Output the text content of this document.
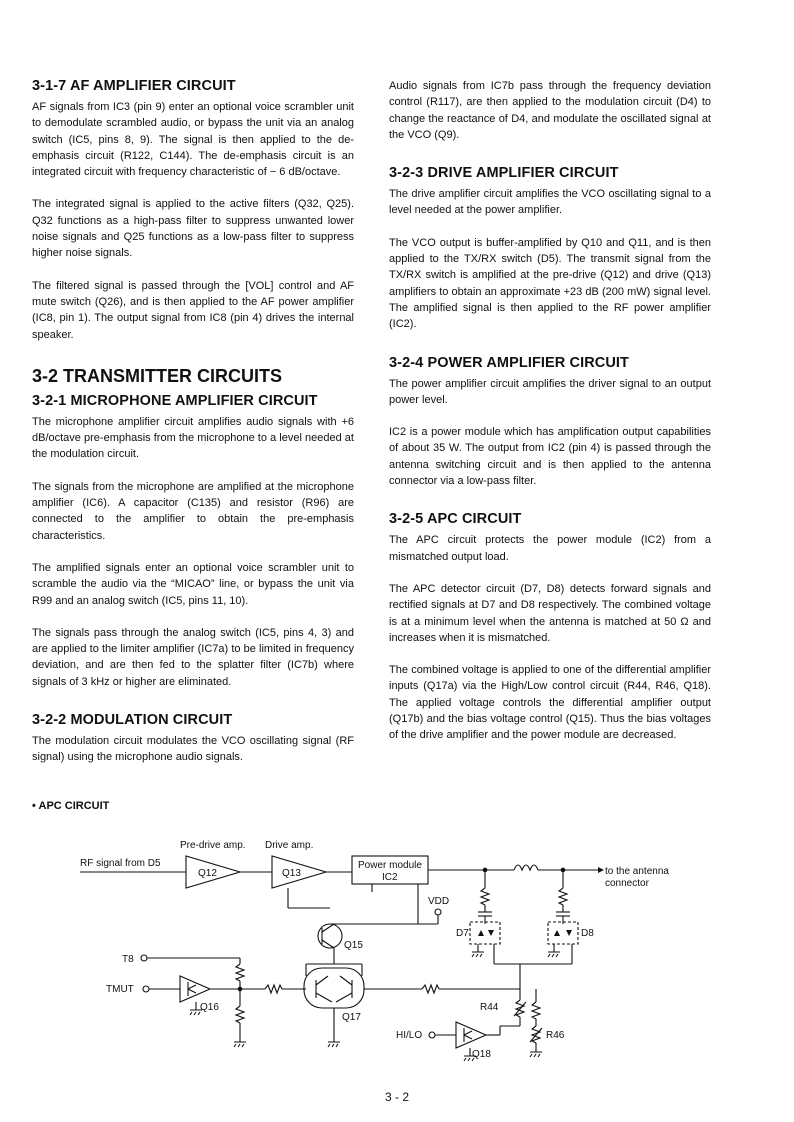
3-1-7 AF AMPLIFIER CIRCUIT

AF signals from IC3 (pin 9) enter an optional voice scrambler unit to demodulate scrambled audio, or bypass the unit via an analog switch (IC5, pins 8, 9). The signal is then applied to the de-emphasis circuit (R122, C144). The de-emphasis circuit is an integrated circuit with frequency characteristic of − 6 dB/octave.

The integrated signal is applied to the active filters (Q32, Q25). Q32 functions as a high-pass filter to suppress unwanted lower noise signals and Q25 functions as a low-pass filter to suppress higher noise signals.

The filtered signal is passed through the [VOL] control and AF mute switch (Q26), and is then applied to the AF power amplifier (IC8, pin 1). The output signal from IC8 (pin 4) drives the internal speaker.

3-2 TRANSMITTER CIRCUITS
3-2-1 MICROPHONE AMPLIFIER CIRCUIT

The microphone amplifier circuit amplifies audio signals with +6 dB/octave pre-emphasis from the microphone to a level needed at the modulation circuit.

The signals from the microphone are amplified at the microphone amplifier (IC6). A capacitor (C135) and resistor (R96) are connected to the amplifier to obtain the pre-emphasis characteristics.

The amplified signals enter an optional voice scrambler unit to scramble the audio via the “MICAO” line, or bypass the unit via R99 and an analog switch (IC5, pins 11, 10).

The signals pass through the analog switch (IC5, pins 4, 3) and are applied to the limiter amplifier (IC7a) to be limited in frequency deviation, and are then fed to the splatter filter (IC7b) where signals of 3 kHz or higher are eliminated.

3-2-2 MODULATION CIRCUIT

The modulation circuit modulates the VCO oscillating signal (RF signal) using the microphone audio signals.

Audio signals from IC7b pass through the frequency deviation control (R117), are then applied to the modulation circuit (D4) to change the reactance of D4, and modulate the oscillated signal at the VCO (Q9).

3-2-3 DRIVE AMPLIFIER CIRCUIT

The drive amplifier circuit amplifies the VCO oscillating signal to a level needed at the power amplifier.

The VCO output is buffer-amplified by Q10 and Q11, and is then applied to the TX/RX switch (D5). The transmit signal from the TX/RX switch is amplified at the pre-drive (Q12) and drive (Q13) amplifiers to obtain an approximate +23 dB (200 mW) signal level. The amplified signal is then applied to the RF power amplifier (IC2).

3-2-4 POWER AMPLIFIER CIRCUIT

The power amplifier circuit amplifies the driver signal to an output power level.

IC2 is a power module which has amplification output capabilities of about 35 W. The output from IC2 (pin 4) is passed through the antenna switching circuit and is then applied to the antenna connector via a low-pass filter.

3-2-5 APC CIRCUIT

The APC circuit protects the power module (IC2) from a mismatched output load.

The APC detector circuit (D7, D8) detects forward signals and rectified signals at D7 and D8 respectively. The combined voltage is at a minimum level when the antenna is matched at 50 Ω and increases when it is mismatched.

The combined voltage is applied to one of the differential amplifier inputs (Q17a) via the High/Low control circuit (R44, R46, Q18). The applied voltage controls the differential amplifier output (Q17b) and the bias voltage control (Q15). Thus the bias voltages of the drive amplifier and the power module are decreased.

• APC CIRCUIT
Pre-drive amp. Drive amp.
RF signal from D5
Q12	Q13
Power module
IC2
to the antenna
connector
D7	D8
VDD
Q15
T8
TMUT
Q16
Q17
R44
R46
HI/LO
Q18
3 - 2
